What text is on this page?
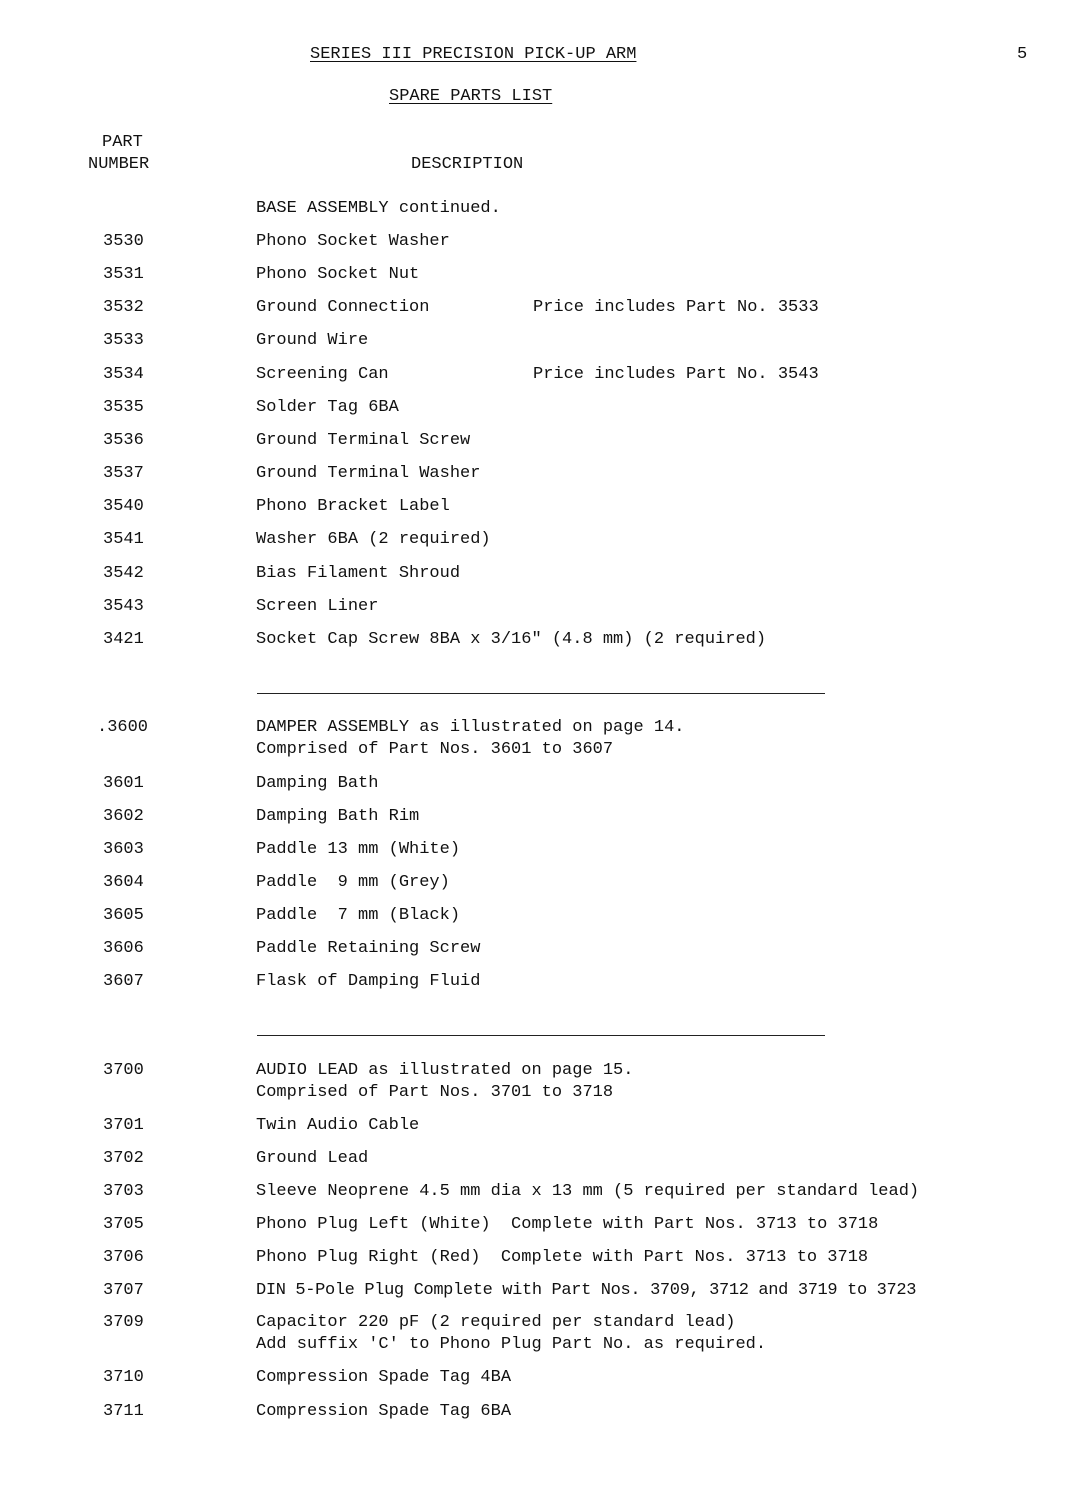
SERIES III PRECISION PICK-UP ARM	5
SPARE PARTS LIST
PART
NUMBER	DESCRIPTION
BASE ASSEMBLY continued.
3530	Phono Socket Washer
3531	Phono Socket Nut
3532	Ground Connection	Price includes Part No. 3533
3533	Ground Wire
3534	Screening Can	Price includes Part No. 3543
3535	Solder Tag 6BA
3536	Ground Terminal Screw
3537	Ground Terminal Washer
3540	Phono Bracket Label
3541	Washer 6BA (2 required)
3542	Bias Filament Shroud
3543	Screen Liner
3421	Socket Cap Screw 8BA x 3/16" (4.8 mm) (2 required)
.3600	DAMPER ASSEMBLY as illustrated on page 14.
Comprised of Part Nos. 3601 to 3607
3601	Damping Bath
3602	Damping Bath Rim
3603	Paddle 13 mm (White)
3604	Paddle  9 mm (Grey)
3605	Paddle  7 mm (Black)
3606	Paddle Retaining Screw
3607	Flask of Damping Fluid
3700	AUDIO LEAD as illustrated on page 15.
Comprised of Part Nos. 3701 to 3718
3701	Twin Audio Cable
3702	Ground Lead
3703	Sleeve Neoprene 4.5 mm dia x 13 mm (5 required per standard lead)
3705	Phono Plug Left (White)  Complete with Part Nos. 3713 to 3718
3706	Phono Plug Right (Red)  Complete with Part Nos. 3713 to 3718
3707	DIN 5-Pole Plug Complete with Part Nos. 3709, 3712 and 3719 to 3723
3709	Capacitor 220 pF (2 required per standard lead)
Add suffix 'C' to Phono Plug Part No. as required.
3710	Compression Spade Tag 4BA
3711	Compression Spade Tag 6BA
